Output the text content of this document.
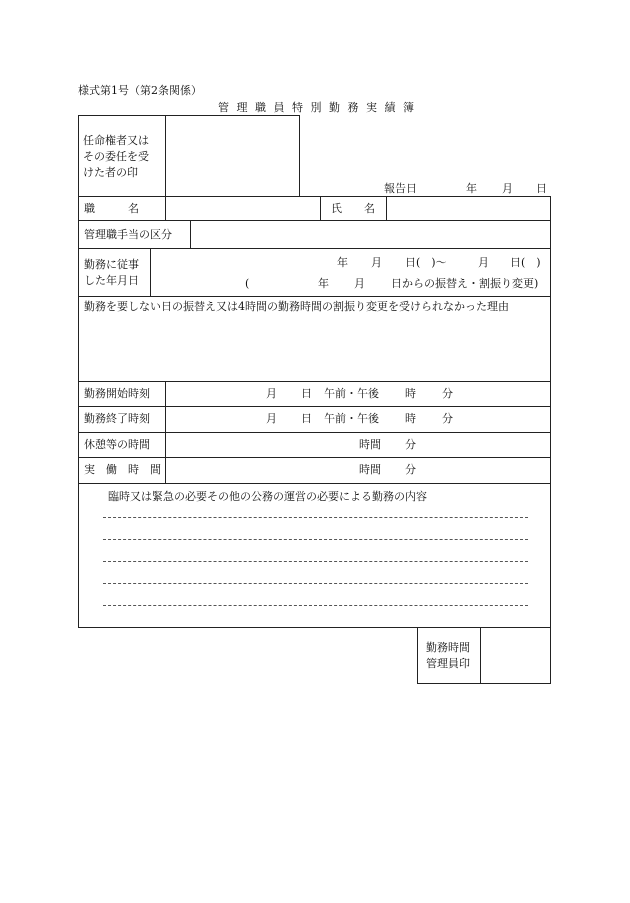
様式第1号（第2条関係）
管 理 職 員 特 別 勤 務 実 績 簿
任命権者又は
その委任を受
けた者の印
報告日	年 月 日
職　　　名	氏　　名
管理職手当の区分
勤務に従事
した年月日
年 月 日(　)～	月 日(　)
(	年 月 日からの振替え・割振り変更)
勤務を要しない日の振替え又は4時間の勤務時間の割振り変更を受けられなかった理由
勤務開始時刻	月 日 午前・午後 時 分
勤務終了時刻	月 日 午前・午後 時 分
休憩等の時間	時間 分
実　働　時　間	時間 分
臨時又は緊急の必要その他の公務の運営の必要による勤務の内容
勤務時間
管理員印
